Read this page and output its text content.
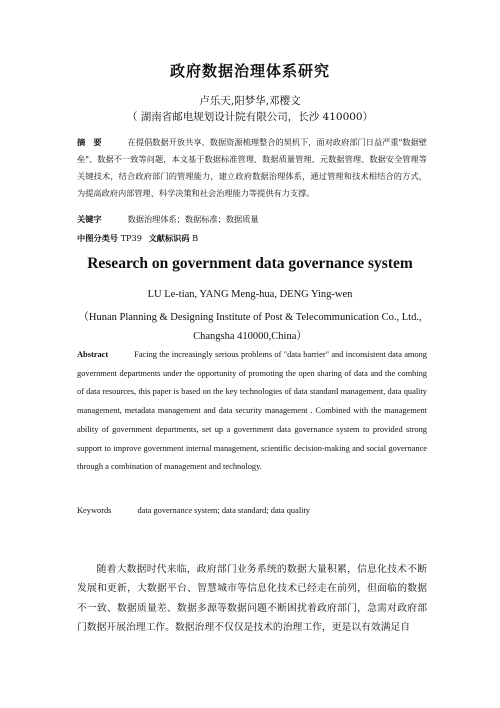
政府数据治理体系研究
卢乐天,阳梦华,邓樱文
（ 湖南省邮电规划设计院有限公司，长沙 410000）
摘　要	在提倡数据开放共享、数据资源梳理整合的契机下，面对政府部门日益严重"数据壁垒"、数据不一致等问题，本文基于数据标准管理、数据质量管理、元数据管理、数据安全管理等关键技术，结合政府部门的管理能力，建立政府数据治理体系，通过管理和技术相结合的方式，为提高政府内部管理、科学决策和社会治理能力等提供有力支撑。
关键字	数据治理体系；数据标准；数据质量
中图分类号 TP39 文献标识码 B
Research on government data governance system
LU Le-tian, YANG Meng-hua, DENG Ying-wen
（Hunan Planning & Designing Institute of Post & Telecommunication Co., Ltd.,
Changsha 410000,China）
Abstract	Facing the increasingly serious problems of "data barrier" and inconsistent data among government departments under the opportunity of promoting the open sharing of data and the combing of data resources, this paper is based on the key technologies of data standard management, data quality management, metadata management and data security management . Combined with the management ability of government departments, set up a government data governance system to provided strong support to improve government internal management, scientific decision-making and social governance through a combination of management and technology.
Keywords	data governance system; data standard; data quality
随着大数据时代来临，政府部门业务系统的数据大量积累，信息化技术不断发展和更新，大数据平台、智慧城市等信息化技术已经走在前列，但面临的数据不一致、数据质量差、数据多源等数据问题不断困扰着政府部门，急需对政府部门数据开展治理工作。数据治理不仅仅是技术的治理工作，更是以有效满足自
